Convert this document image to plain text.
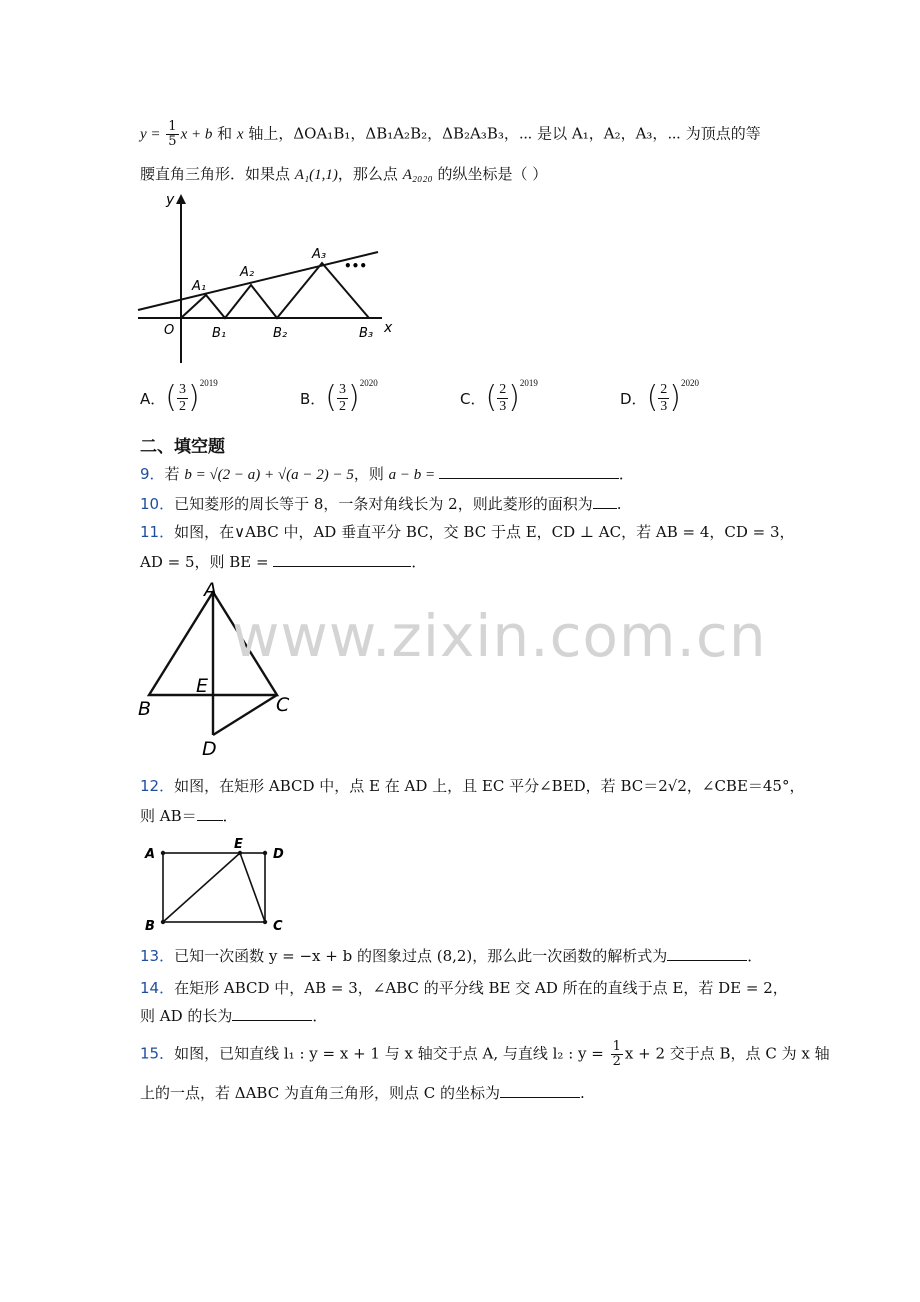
$y = \frac{1}{5}$ x + b 和 x 轴上，ΔOA₁B₁，ΔB₁A₂B₂，ΔB₂A₃B₃，⋯ 是以 A₁，A₂，A₃，⋯ 为顶点的等
腰直角三角形．如果点 A₁(1,1)，那么点 A₂₀₂₀ 的纵坐标是（ ）
y
x
O
A₁
A₂
A₃
B₁	B₂	B₃
•••
A． ( 3
2 ) 2019
B． ( 3
2 ) 2020
C． ( 2
3 ) 2019
D． ( 2
3 ) 2020
二、填空题
9．若 b = √(2 − a) + √(a − 2) − 5，则 a − b =	．
10．已知菱形的周长等于 8，一条对角线长为 2，则此菱形的面积为 .
11．如图，在∨ABC 中，AD 垂直平分 BC，交 BC 于点 E，CD ⊥ AC，若 AB = 4，CD = 3，
AD = 5，则 BE =	．
A
B	C
D
E
www.zixin.com.cn
12．如图，在矩形 ABCD 中，点 E 在 AD 上，且 EC 平分∠BED，若 BC＝2√2，∠CBE＝45°，
则 AB＝ ．
A
B	C
D
E
13．已知一次函数 y = −x + b 的图象过点 (8,2)，那么此一次函数的解析式为	．
14．在矩形 ABCD 中，AB = 3，∠ABC 的平分线 BE 交 AD 所在的直线于点 E，若 DE = 2，
则 AD 的长为	．
15．如图，已知直线 l₁ : y = x + 1 与 x 轴交于点 A, 与直线 l₂ : $y = \frac{1}{2}$ x + 2 交于点 B，点 C 为 x 轴
上的一点，若 ΔABC 为直角三角形，则点 C 的坐标为	.
